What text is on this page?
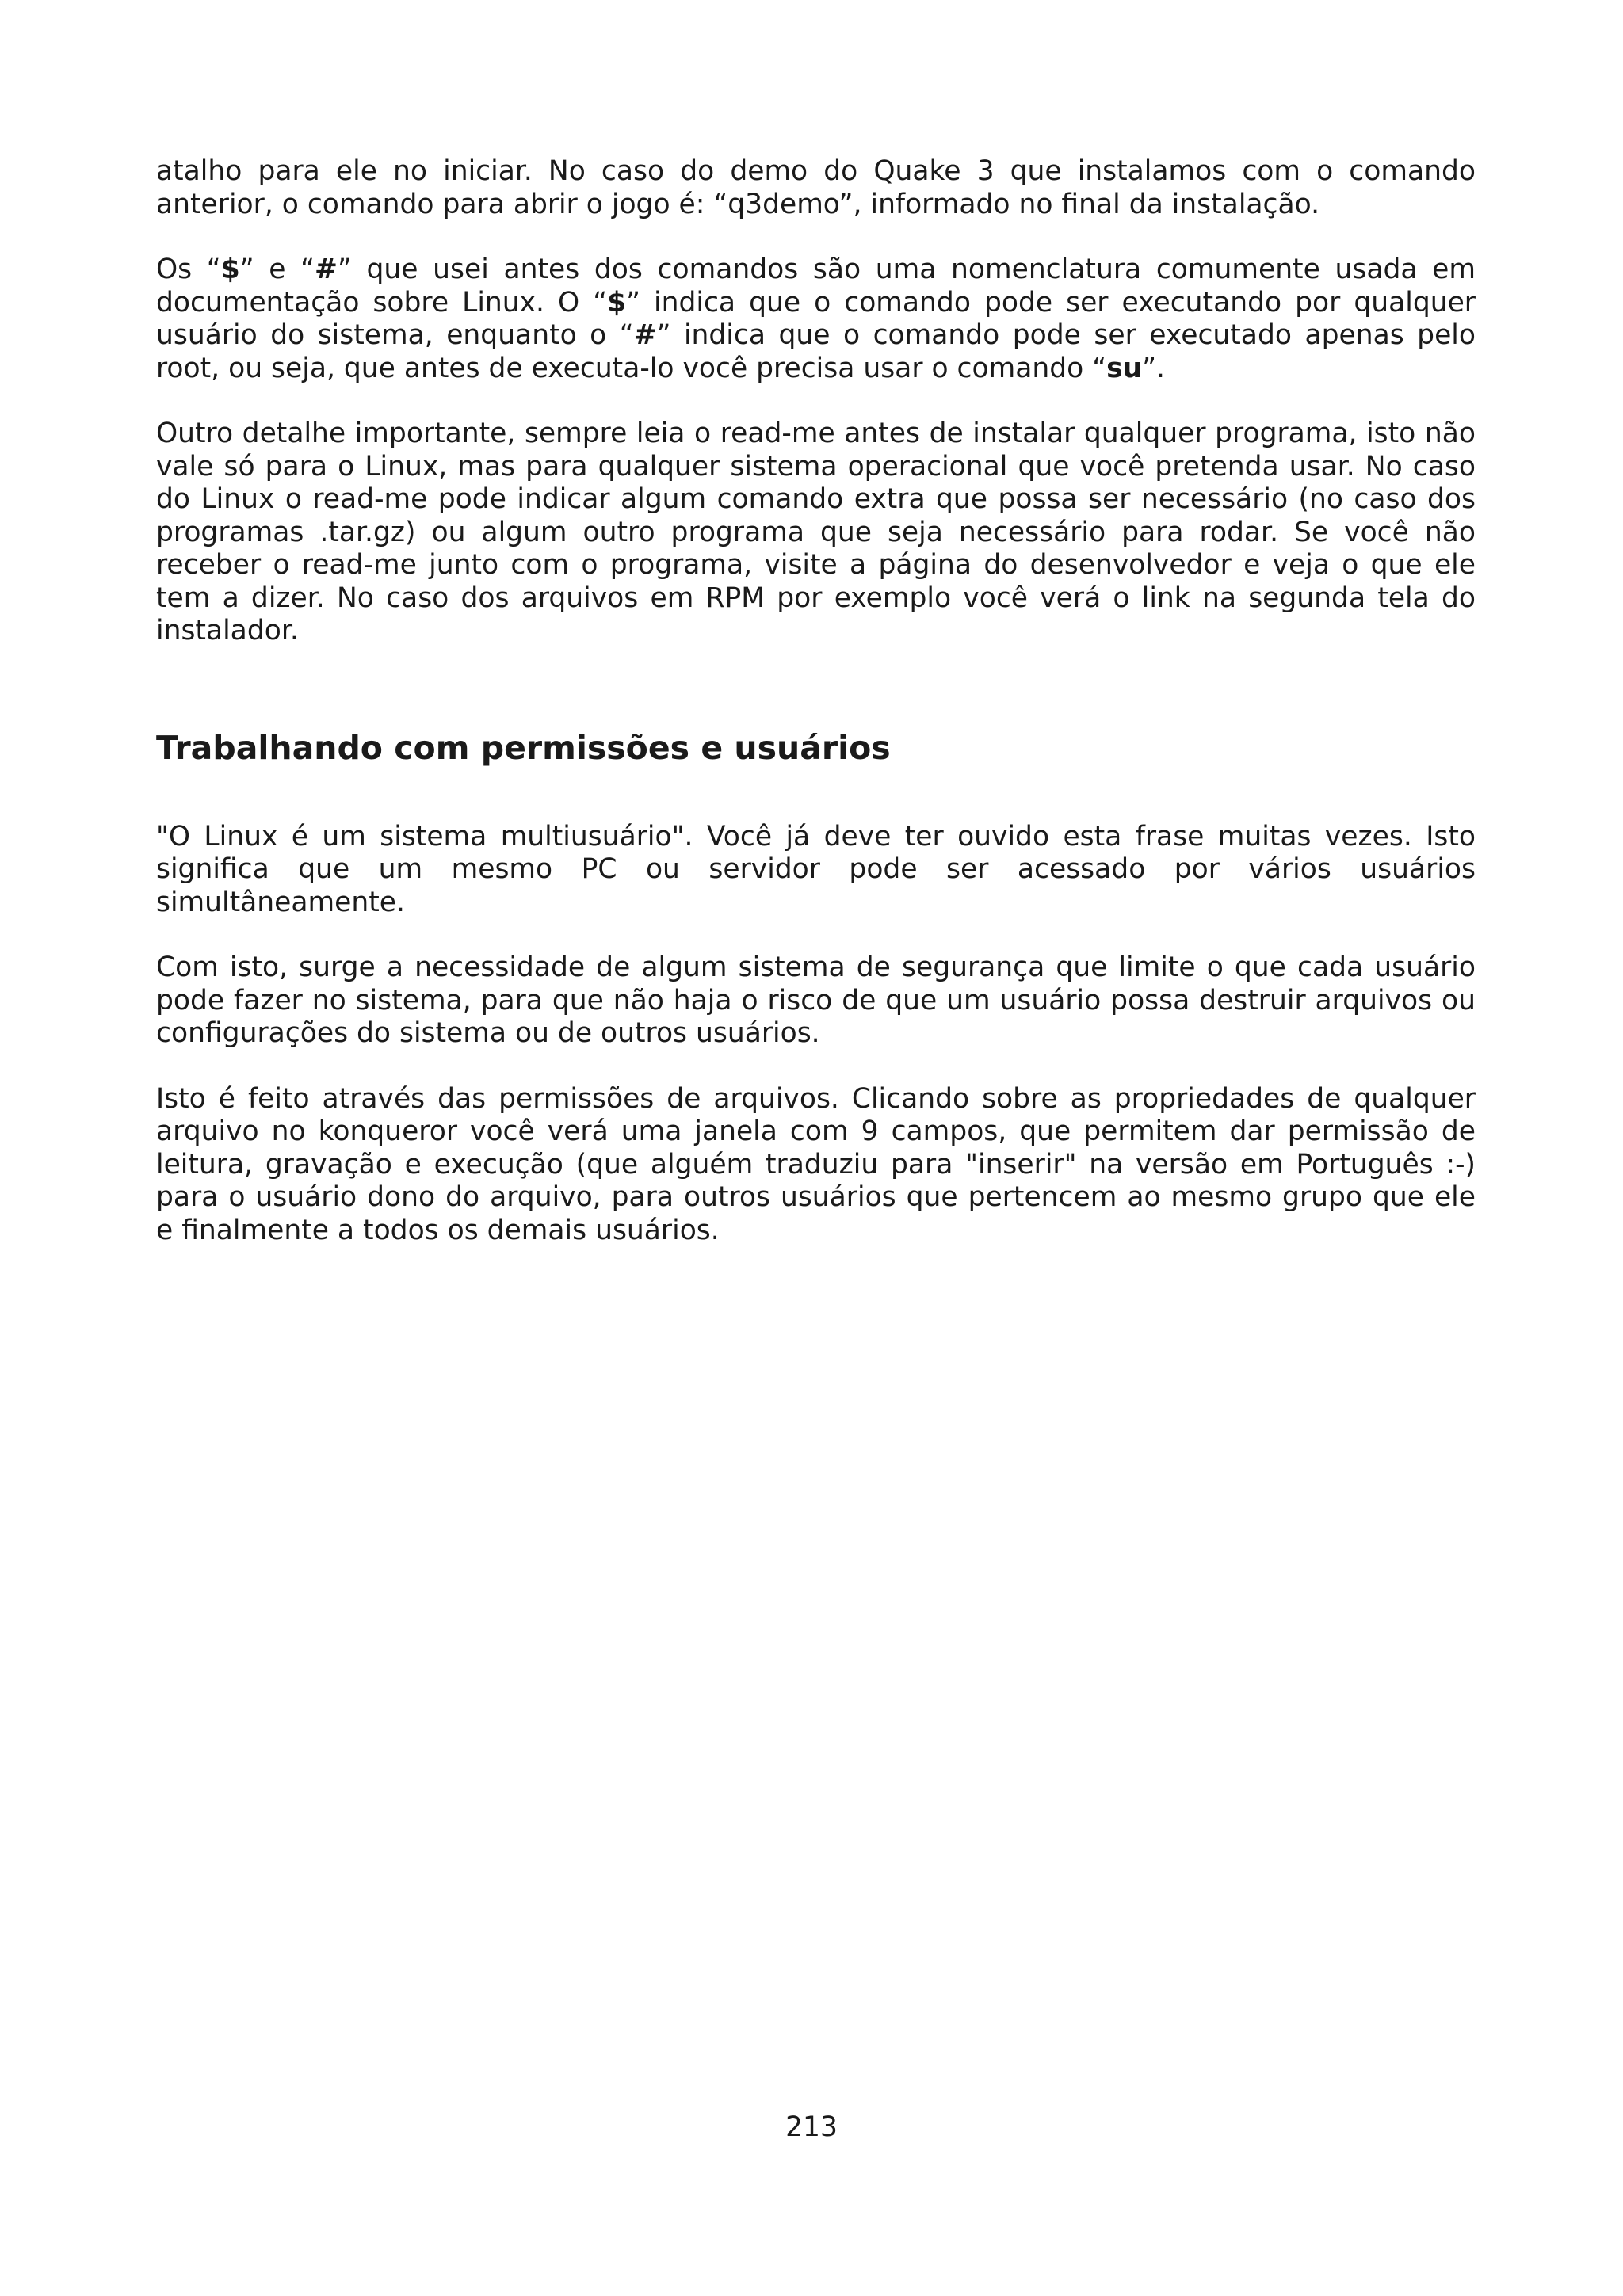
atalho para ele no iniciar. No caso do demo do Quake 3 que instalamos com o comando anterior, o comando para abrir o jogo é: “q3demo”, informado no final da instalação.

Os “$” e “#” que usei antes dos comandos são uma nomenclatura comumente usada em documentação sobre Linux. O “$” indica que o comando pode ser executando por qualquer usuário do sistema, enquanto o “#” indica que o comando pode ser executado apenas pelo root, ou seja, que antes de executa-lo você precisa usar o comando “su”.

Outro detalhe importante, sempre leia o read-me antes de instalar qualquer programa, isto não vale só para o Linux, mas para qualquer sistema operacional que você pretenda usar. No caso do Linux o read-me pode indicar algum comando extra que possa ser necessário (no caso dos programas .tar.gz) ou algum outro programa que seja necessário para rodar. Se você não receber o read-me junto com o programa, visite a página do desenvolvedor e veja o que ele tem a dizer. No caso dos arquivos em RPM por exemplo você verá o link na segunda tela do instalador.

Trabalhando com permissões e usuários

"O Linux é um sistema multiusuário". Você já deve ter ouvido esta frase muitas vezes. Isto significa que um mesmo PC ou servidor pode ser acessado por vários usuários simultâneamente.

Com isto, surge a necessidade de algum sistema de segurança que limite o que cada usuário pode fazer no sistema, para que não haja o risco de que um usuário possa destruir arquivos ou configurações do sistema ou de outros usuários.

Isto é feito através das permissões de arquivos. Clicando sobre as propriedades de qualquer arquivo no konqueror você verá uma janela com 9 campos, que permitem dar permissão de leitura, gravação e execução (que alguém traduziu para "inserir" na versão em Português :-) para o usuário dono do arquivo, para outros usuários que pertencem ao mesmo grupo que ele e finalmente a todos os demais usuários.

213
